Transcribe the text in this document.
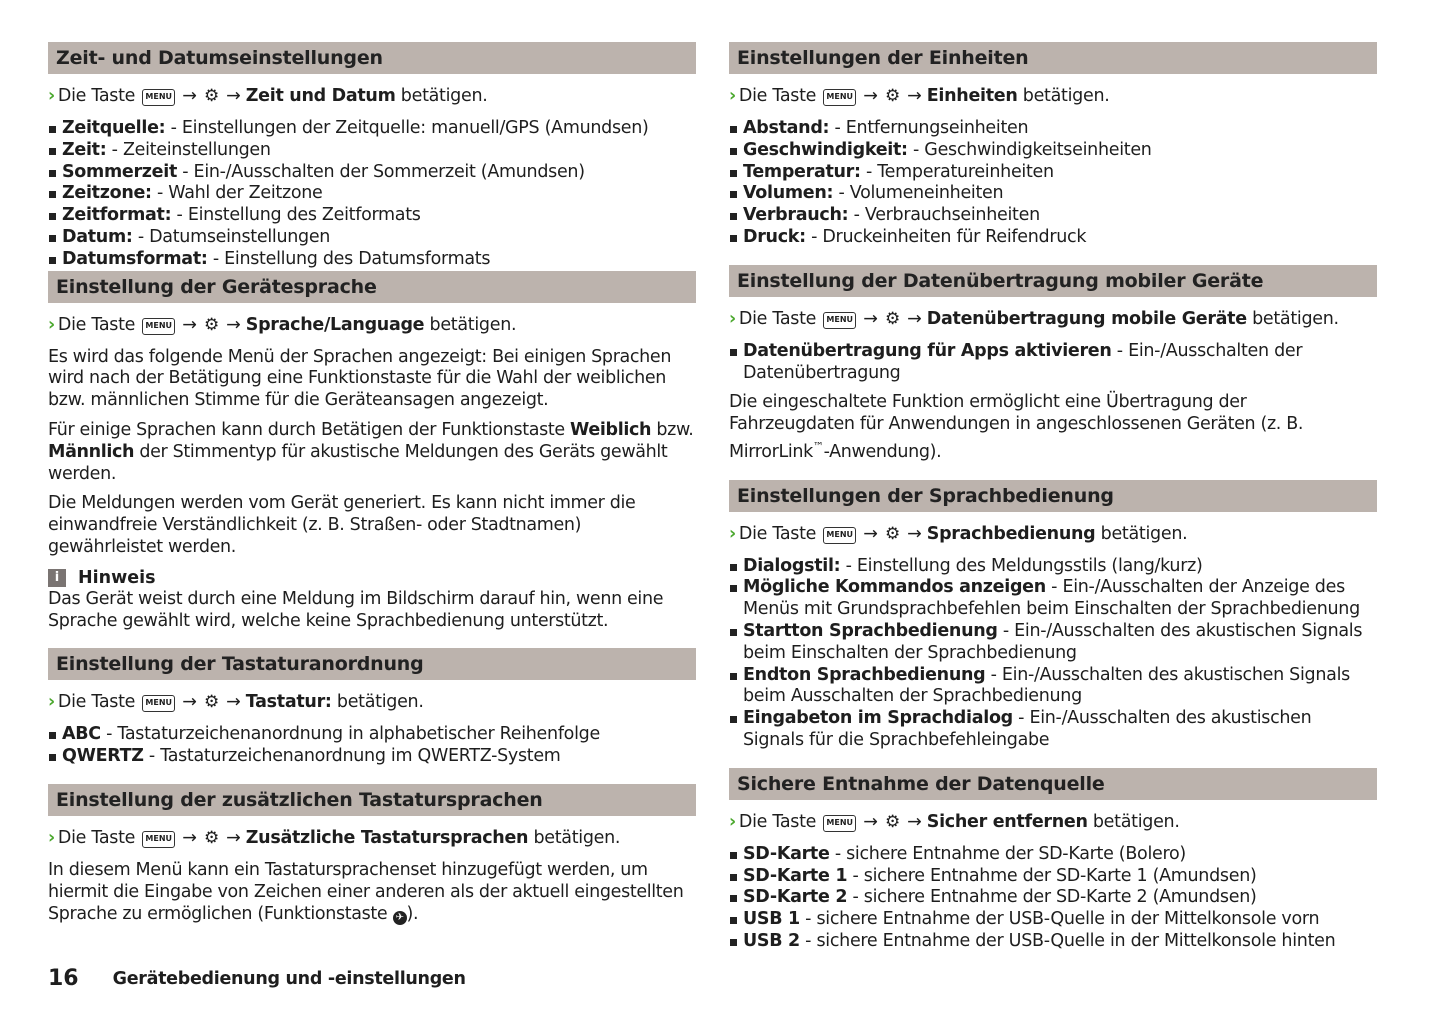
Zeit- und Datumseinstellungen
› Die Taste MENU → ⚙ → Zeit und Datum betätigen.
Zeitquelle: - Einstellungen der Zeitquelle: manuell/GPS (Amundsen)
Zeit: - Zeiteinstellungen
Sommerzeit - Ein-/Ausschalten der Sommerzeit (Amundsen)
Zeitzone: - Wahl der Zeitzone
Zeitformat: - Einstellung des Zeitformats
Datum: - Datumseinstellungen
Datumsformat: - Einstellung des Datumsformats
Einstellung der Gerätesprache
› Die Taste MENU → ⚙ → Sprache/Language betätigen.

Es wird das folgende Menü der Sprachen angezeigt: Bei einigen Sprachen wird nach der Betätigung eine Funktionstaste für die Wahl der weiblichen bzw. männlichen Stimme für die Geräteansagen angezeigt.

Für einige Sprachen kann durch Betätigen der Funktionstaste Weiblich bzw. Männlich der Stimmentyp für akustische Meldungen des Geräts gewählt werden.

Die Meldungen werden vom Gerät generiert. Es kann nicht immer die einwandfreie Verständlichkeit (z. B. Straßen- oder Stadtnamen) gewährleistet werden.

i	Hinweis

Das Gerät weist durch eine Meldung im Bildschirm darauf hin, wenn eine Sprache gewählt wird, welche keine Sprachbedienung unterstützt.

Einstellung der Tastaturanordnung
› Die Taste MENU → ⚙ → Tastatur: betätigen.
ABC - Tastaturzeichenanordnung in alphabetischer Reihenfolge
QWERTZ - Tastaturzeichenanordnung im QWERTZ-System
Einstellung der zusätzlichen Tastatursprachen
› Die Taste MENU → ⚙ → Zusätzliche Tastatursprachen betätigen.

In diesem Menü kann ein Tastatursprachenset hinzugefügt werden, um hiermit die Eingabe von Zeichen einer anderen als der aktuell eingestellten Sprache zu ermöglichen (Funktionstaste ✈ ).

Einstellungen der Einheiten
› Die Taste MENU → ⚙ → Einheiten betätigen.
Abstand: - Entfernungseinheiten
Geschwindigkeit: - Geschwindigkeitseinheiten
Temperatur: - Temperatureinheiten
Volumen: - Volumeneinheiten
Verbrauch: - Verbrauchseinheiten
Druck: - Druckeinheiten für Reifendruck
Einstellung der Datenübertragung mobiler Geräte
› Die Taste MENU → ⚙ → Datenübertragung mobile Geräte betätigen.
Datenübertragung für Apps aktivieren - Ein-/Ausschalten der Datenübertragung

Die eingeschaltete Funktion ermöglicht eine Übertragung der Fahrzeugdaten für Anwendungen in angeschlossenen Geräten (z. B. MirrorLink™-Anwendung).

Einstellungen der Sprachbedienung
› Die Taste MENU → ⚙ → Sprachbedienung betätigen.
Dialogstil: - Einstellung des Meldungsstils (lang/kurz)
Mögliche Kommandos anzeigen - Ein-/Ausschalten der Anzeige des Menüs mit Grundsprachbefehlen beim Einschalten der Sprachbedienung
Startton Sprachbedienung - Ein-/Ausschalten des akustischen Signals beim Einschalten der Sprachbedienung
Endton Sprachbedienung - Ein-/Ausschalten des akustischen Signals beim Ausschalten der Sprachbedienung
Eingabeton im Sprachdialog - Ein-/Ausschalten des akustischen Signals für die Sprachbefehleingabe
Sichere Entnahme der Datenquelle
› Die Taste MENU → ⚙ → Sicher entfernen betätigen.
SD-Karte - sichere Entnahme der SD-Karte (Bolero)
SD-Karte 1 - sichere Entnahme der SD-Karte 1 (Amundsen)
SD-Karte 2 - sichere Entnahme der SD-Karte 2 (Amundsen)
USB 1 - sichere Entnahme der USB-Quelle in der Mittelkonsole vorn
USB 2 - sichere Entnahme der USB-Quelle in der Mittelkonsole hinten
16 Gerätebedienung und -einstellungen
